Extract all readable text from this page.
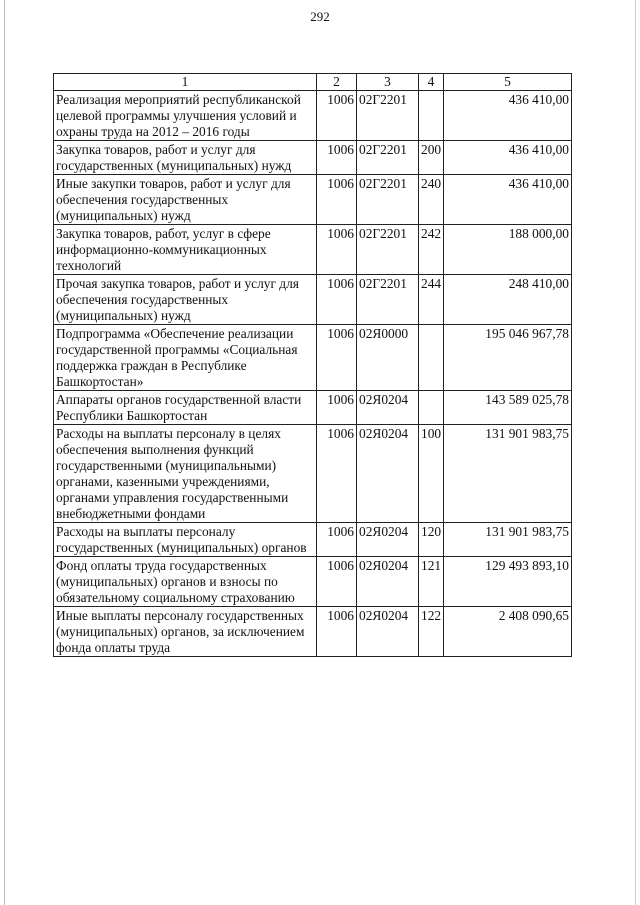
292
1	2	3	4	5
Реализация мероприятий республиканской целевой программы улучшения условий и охраны труда на 2012 – 2016 годы	1006	02Г2201		436 410,00
Закупка товаров, работ и услуг для государственных (муниципальных) нужд	1006	02Г2201	200	436 410,00
Иные закупки товаров, работ и услуг для обеспечения государственных (муниципальных) нужд	1006	02Г2201	240	436 410,00
Закупка товаров, работ, услуг в сфере информационно-коммуникационных технологий	1006	02Г2201	242	188 000,00
Прочая закупка товаров, работ и услуг для обеспечения государственных (муниципальных) нужд	1006	02Г2201	244	248 410,00
Подпрограмма «Обеспечение реализации государственной программы «Социальная поддержка граждан в Республике Башкортостан»	1006	02Я0000		195 046 967,78
Аппараты органов государственной власти Республики Башкортостан	1006	02Я0204		143 589 025,78
Расходы на выплаты персоналу в целях обеспечения выполнения функций государственными (муниципальными) органами, казенными учреждениями, органами управления государственными внебюджетными фондами	1006	02Я0204	100	131 901 983,75
Расходы на выплаты персоналу государственных (муниципальных) органов	1006	02Я0204	120	131 901 983,75
Фонд оплаты труда государственных (муниципальных) органов и взносы по обязательному социальному страхованию	1006	02Я0204	121	129 493 893,10
Иные выплаты персоналу государственных (муниципальных) органов, за исключением фонда оплаты труда	1006	02Я0204	122	2 408 090,65
